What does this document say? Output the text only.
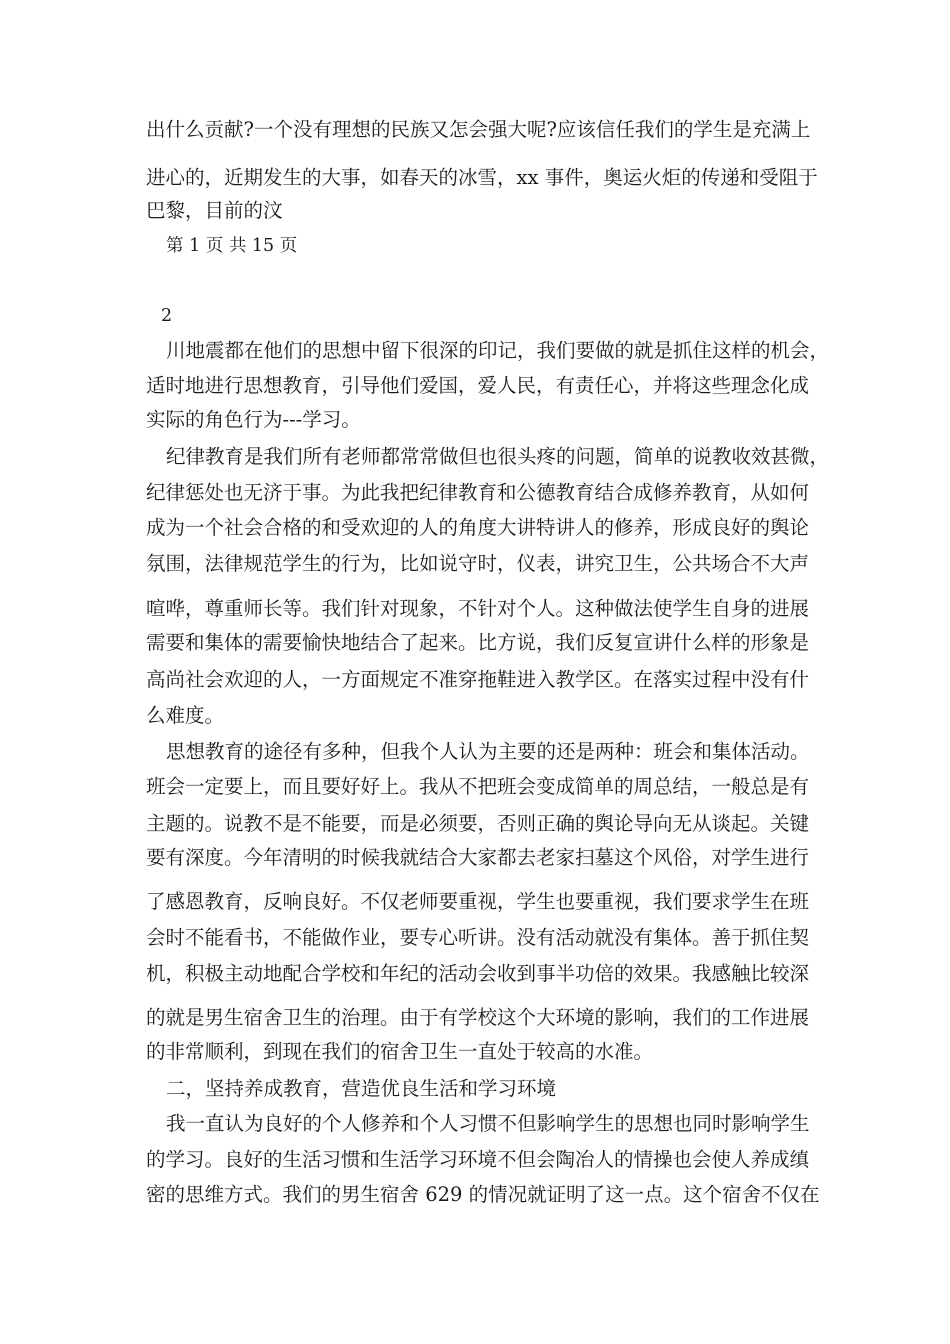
出什么贡献?一个没有理想的民族又怎会强大呢?应该信任我们的学生是充满上
进心的，近期发生的大事，如春天的冰雪，xx 事件，奥运火炬的传递和受阻于
巴黎，目前的汶
第 1 页 共 15 页
2
川地震都在他们的思想中留下很深的印记，我们要做的就是抓住这样的机会，
适时地进行思想教育，引导他们爱国，爱人民，有责任心，并将这些理念化成
实际的角色行为---学习。
纪律教育是我们所有老师都常常做但也很头疼的问题，简单的说教收效甚微，
纪律惩处也无济于事。为此我把纪律教育和公德教育结合成修养教育，从如何
成为一个社会合格的和受欢迎的人的角度大讲特讲人的修养，形成良好的舆论
氛围，法律规范学生的行为，比如说守时，仪表，讲究卫生，公共场合不大声
喧哗，尊重师长等。我们针对现象，不针对个人。这种做法使学生自身的进展
需要和集体的需要愉快地结合了起来。比方说，我们反复宣讲什么样的形象是
高尚社会欢迎的人，一方面规定不准穿拖鞋进入教学区。在落实过程中没有什
么难度。
思想教育的途径有多种，但我个人认为主要的还是两种：班会和集体活动。
班会一定要上，而且要好好上。我从不把班会变成简单的周总结，一般总是有
主题的。说教不是不能要，而是必须要，否则正确的舆论导向无从谈起。关键
要有深度。今年清明的时候我就结合大家都去老家扫墓这个风俗，对学生进行
了感恩教育，反响良好。不仅老师要重视，学生也要重视，我们要求学生在班
会时不能看书，不能做作业，要专心听讲。没有活动就没有集体。善于抓住契
机，积极主动地配合学校和年纪的活动会收到事半功倍的效果。我感触比较深
的就是男生宿舍卫生的治理。由于有学校这个大环境的影响，我们的工作进展
的非常顺利，到现在我们的宿舍卫生一直处于较高的水准。
二，坚持养成教育，营造优良生活和学习环境
我一直认为良好的个人修养和个人习惯不但影响学生的思想也同时影响学生
的学习。良好的生活习惯和生活学习环境不但会陶冶人的情操也会使人养成缜
密的思维方式。我们的男生宿舍 629 的情况就证明了这一点。这个宿舍不仅在
